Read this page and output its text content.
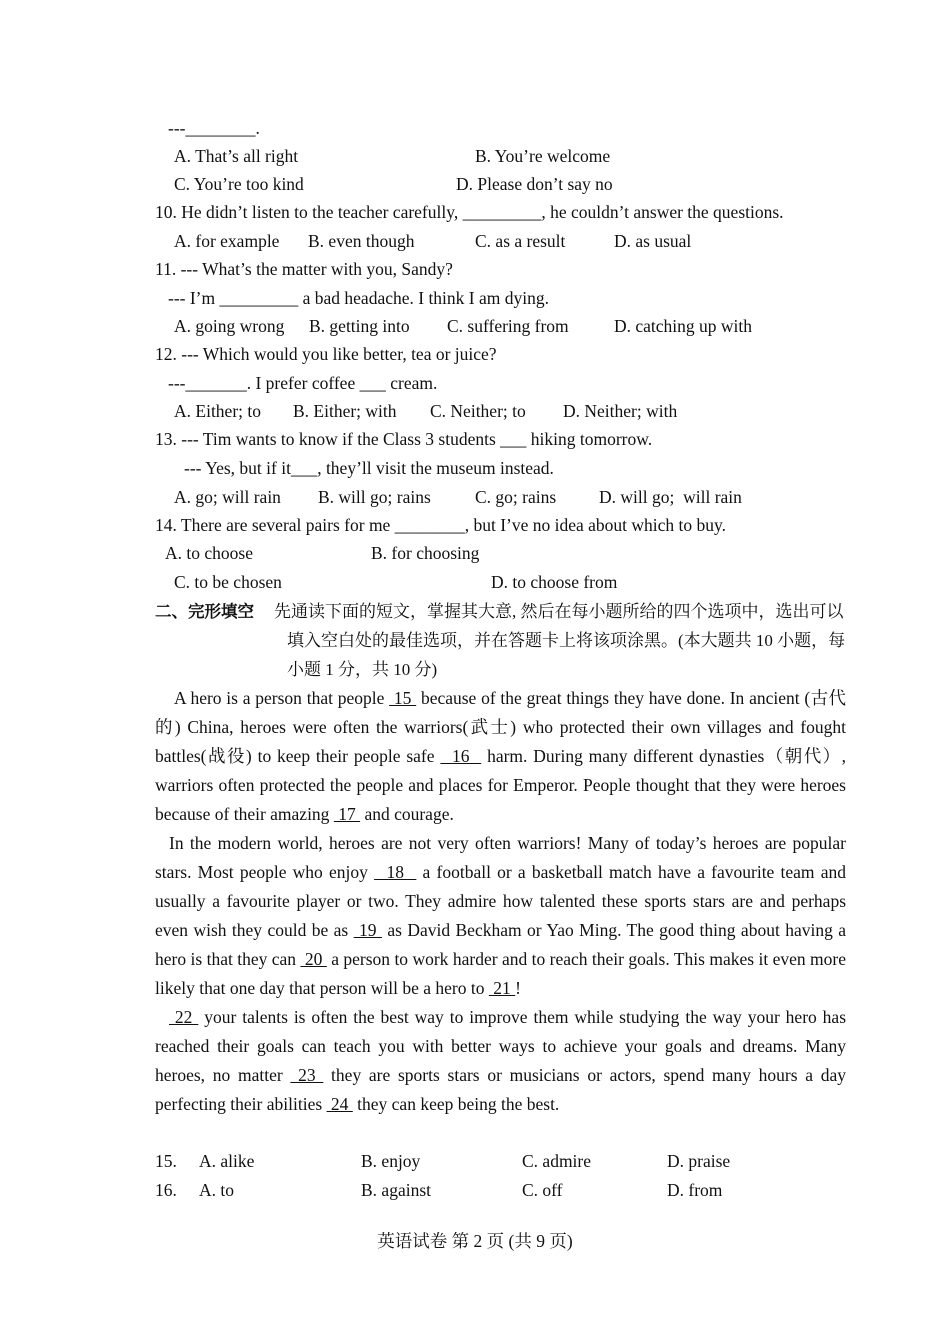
---________.
A. That’s all right	B. You’re welcome
C. You’re too kind	D. Please don’t say no
10. He didn’t listen to the teacher carefully, _________, he couldn’t answer the questions.
A. for example B. even though	C. as a result	D. as usual
11. --- What’s the matter with you, Sandy?
--- I’m _________ a bad headache. I think I am dying.
A. going wrong B. getting into C. suffering from	D. catching up with
12. --- Which would you like better, tea or juice?
---_______. I prefer coffee ___ cream.
A. Either; to B. Either; with C. Neither; to D. Neither; with
13. --- Tim wants to know if the Class 3 students ___ hiking tomorrow.
--- Yes, but if it___, they’ll visit the museum instead.
A. go; will rain B. will go; rains	C. go; rains D. will go;  will rain
14. There are several pairs for me ________, but I’ve no idea about which to buy.
A. to choose	B. for choosing
C. to be chosen	D. to choose from
二、完形填空 先通读下面的短文，掌握其大意, 然后在每小题所给的四个选项中，选出可以填入空白处的最佳选项，并在答题卡上将该项涂黑。(本大题共 10 小题，每小题 1 分，共 10 分)

A hero is a person that people  15  because of the great things they have done. In ancient (古代的) China, heroes were often the warriors(武士) who protected their own villages and fought battles(战役) to keep their people safe   16   harm. During many different dynasties（朝代）, warriors often protected the people and places for Emperor. People thought that they were heroes because of their amazing  17  and courage.

In the modern world, heroes are not very often warriors! Many of today’s heroes are popular stars. Most people who enjoy   18   a football or a basketball match have a favourite team and usually a favourite player or two. They admire how talented these sports stars are and perhaps even wish they could be as  19  as David Beckham or Yao Ming. The good thing about having a hero is that they can  20  a person to work harder and to reach their goals. This makes it even more likely that one day that person will be a hero to  21 !

22  your talents is often the best way to improve them while studying the way your hero has reached their goals can teach you with better ways to achieve your goals and dreams. Many heroes, no matter  23  they are sports stars or musicians or actors, spend many hours a day perfecting their abilities  24  they can keep being the best.

15. A. alike	B. enjoy	C. admire	D. praise
16. A. to	B. against	C. off	D. from
英语试卷 第 2 页 (共 9 页)
